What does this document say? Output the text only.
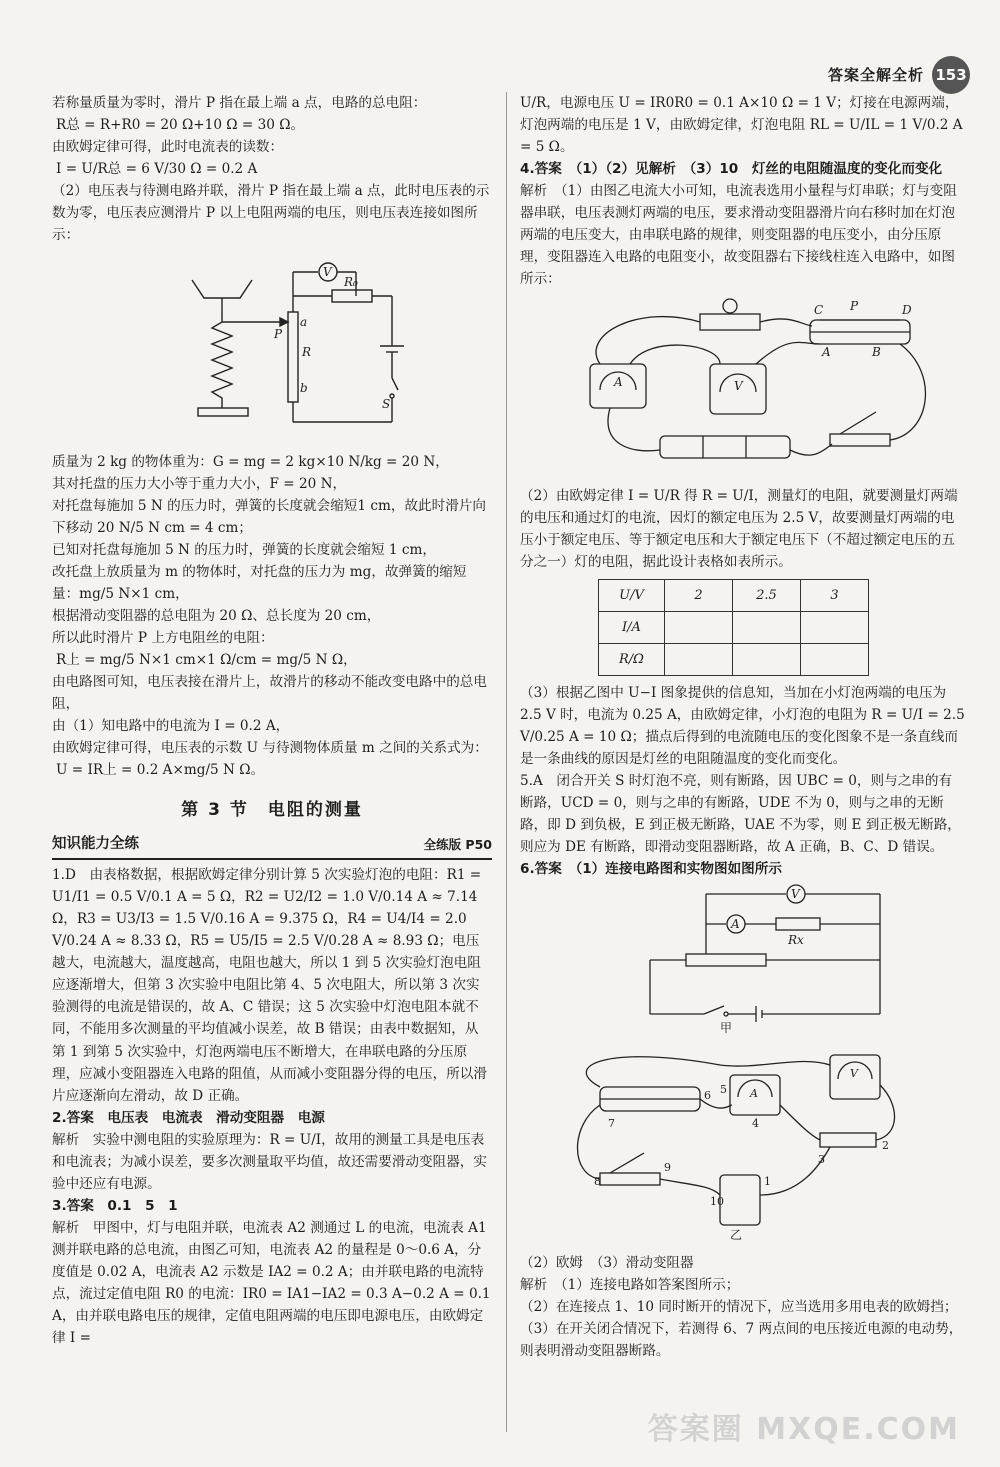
答案全解全析 153
若称量质量为零时，滑片 P 指在最上端 a 点，电路的总电阻：
R总 = R+R0 = 20 Ω+10 Ω = 30 Ω。
由欧姆定律可得，此时电流表的读数：
I = U/R总 = 6 V/30 Ω = 0.2 A
（2）电压表与待测电路并联，滑片 P 指在最上端 a 点，此时电压表的示数为零，电压表应测滑片 P 以上电阻两端的电压，则电压表连接如图所示：
V
R₀
a
P
R
b
S
质量为 2 kg 的物体重为：G = mg = 2 kg×10 N/kg = 20 N，
其对托盘的压力大小等于重力大小，F = 20 N，
对托盘每施加 5 N 的压力时，弹簧的长度就会缩短1 cm，故此时滑片向下移动 20 N/5 N cm = 4 cm；
已知对托盘每施加 5 N 的压力时，弹簧的长度就会缩短 1 cm，
改托盘上放质量为 m 的物体时，对托盘的压力为 mg，故弹簧的缩短量：mg/5 N×1 cm，
根据滑动变阻器的总电阻为 20 Ω、总长度为 20 cm，
所以此时滑片 P 上方电阻丝的电阻：
R上 = mg/5 N×1 cm×1 Ω/cm = mg/5 N Ω，
由电路图可知，电压表接在滑片上，故滑片的移动不能改变电路中的总电阻，
由（1）知电路中的电流为 I = 0.2 A，
由欧姆定律可得，电压表的示数 U 与待测物体质量 m 之间的关系式为：
U = IR上 = 0.2 A×mg/5 N Ω。
第 3 节　电阻的测量
知识能力全练	全练版 P50
1.D　由表格数据，根据欧姆定律分别计算 5 次实验灯泡的电阻：R1 = U1/I1 = 0.5 V/0.1 A = 5 Ω，R2 = U2/I2 = 1.0 V/0.14 A ≈ 7.14 Ω，R3 = U3/I3 = 1.5 V/0.16 A = 9.375 Ω，R4 = U4/I4 = 2.0 V/0.24 A ≈ 8.33 Ω，R5 = U5/I5 = 2.5 V/0.28 A ≈ 8.93 Ω；电压越大，电流越大，温度越高，电阻也越大，所以 1 到 5 次实验灯泡电阻应逐渐增大，但第 3 次实验中电阻比第 4、5 次电阻大，所以第 3 次实验测得的电流是错误的，故 A、C 错误；这 5 次实验中灯泡电阻本就不同，不能用多次测量的平均值减小误差，故 B 错误；由表中数据知，从第 1 到第 5 次实验中，灯泡两端电压不断增大，在串联电路的分压原理，应减小变阻器连入电路的阻值，从而减小变阻器分得的电压，所以滑片应逐渐向左滑动，故 D 正确。
2.答案　电压表　电流表　滑动变阻器　电源
解析　实验中测电阻的实验原理为：R = U/I，故用的测量工具是电压表和电流表；为减小误差，要多次测量取平均值，故还需要滑动变阻器，实验中还应有电源。
3.答案　0.1　5　1
解析　甲图中，灯与电阻并联，电流表 A2 测通过 L 的电流，电流表 A1 测并联电路的总电流，由图乙可知，电流表 A2 的量程是 0～0.6 A，分度值是 0.02 A，电流表 A2 示数是 IA2 = 0.2 A；由并联电路的电流特点，流过定值电阻 R0 的电流：IR0 = IA1−IA2 = 0.3 A−0.2 A = 0.1 A，由并联电路电压的规律，定值电阻两端的电压即电源电压，由欧姆定律 I =
U/R，电源电压 U = IR0R0 = 0.1 A×10 Ω = 1 V；灯接在电源两端，灯泡两端的电压是 1 V，由欧姆定律，灯泡电阻 RL = U/IL = 1 V/0.2 A = 5 Ω。
4.答案　（1）（2）见解析　（3）10　灯丝的电阻随温度的变化而变化
解析　（1）由图乙电流大小可知，电流表选用小量程与灯串联；灯与变阻器串联，电压表测灯两端的电压，要求滑动变阻器滑片向右移时加在灯泡两端的电压变大，由串联电路的规律，则变阻器的电压变小，由分压原理，变阻器连入电路的电阻变小，故变阻器右下接线柱连入电路中，如图所示：
C P	D
A	B
A	V
（2）由欧姆定律 I = U/R 得 R = U/I，测量灯的电阻，就要测量灯两端的电压和通过灯的电流，因灯的额定电压为 2.5 V，故要测量灯两端的电压小于额定电压、等于额定电压和大于额定电压下（不超过额定电压的五分之一）灯的电阻，据此设计表格如表所示。
U/V	2	2.5	3
I/A			
R/Ω			
（3）根据乙图中 U−I 图象提供的信息知，当加在小灯泡两端的电压为 2.5 V 时，电流为 0.25 A，由欧姆定律，小灯泡的电阻为 R = U/I = 2.5 V/0.25 A = 10 Ω；描点后得到的电流随电压的变化图象不是一条直线而是一条曲线的原因是灯丝的电阻随温度的变化而变化。
5.A　闭合开关 S 时灯泡不亮，则有断路，因 UBC = 0，则与之串的有断路，UCD = 0，则与之串的有断路，UDE 不为 0，则与之串的无断路，即 D 到负极，E 到正极无断路，UAE 不为零，则 E 到正极无断路，则应为 DE 有断路，即滑动变阻器断路，故 A 正确，B、C、D 错误。
6.答案　（1）连接电路图和实物图如图所示
V
A
Rx
甲
A
V
6
7
5
4
3
2
9
8
10
1
乙
（2）欧姆　（3）滑动变阻器
解析　（1）连接电路如答案图所示；
（2）在连接点 1、10 同时断开的情况下，应当选用多用电表的欧姆挡；
（3）在开关闭合情况下，若测得 6、7 两点间的电压接近电源的电动势，则表明滑动变阻器断路。
答案圈 MXQE.COM
